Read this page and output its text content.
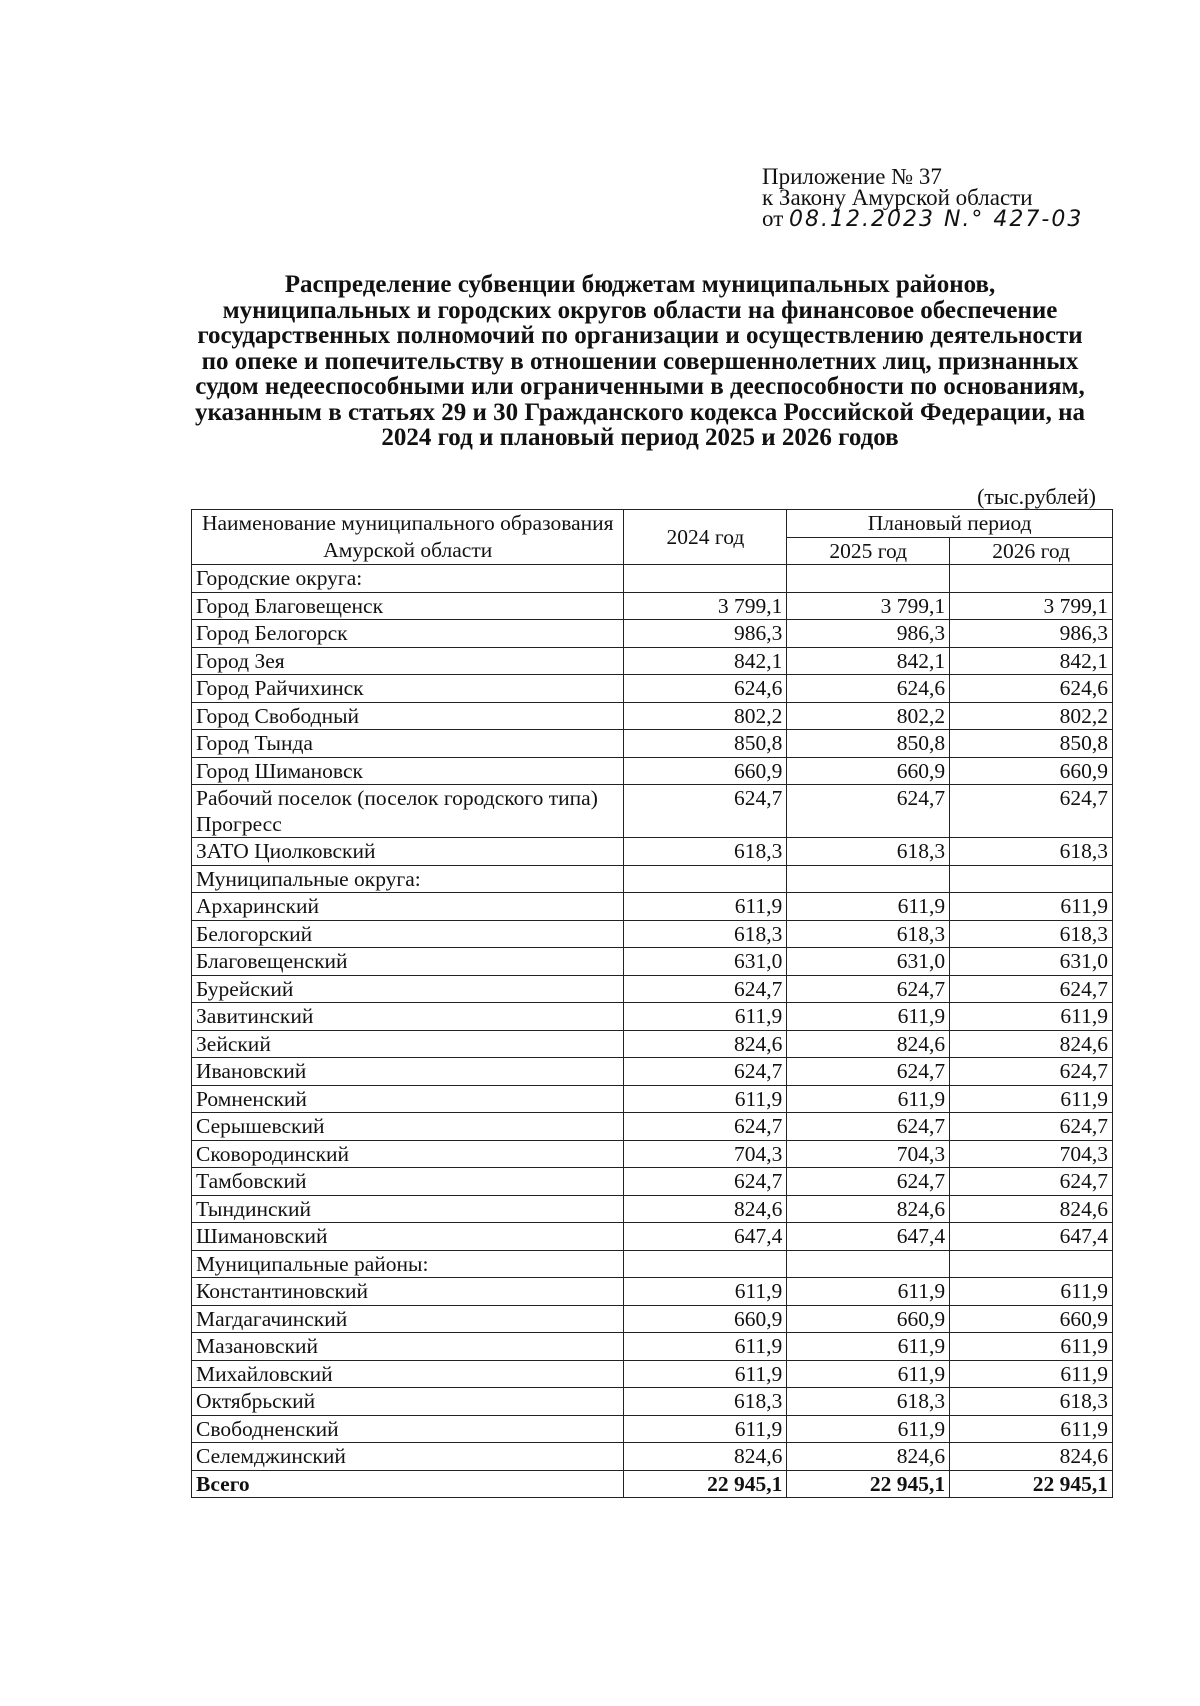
Приложение № 37
к Закону Амурской области
от 08.12.2023 N.° 427-03
Распределение субвенции бюджетам муниципальных районов, муниципальных и городских округов области на финансовое обеспечение государственных полномочий по организации и осуществлению деятельности по опеке и попечительству в отношении совершеннолетних лиц, признанных судом недееспособными или ограниченными в дееспособности по основаниям, указанным в статьях 29 и 30 Гражданского кодекса Российской Федерации, на 2024 год и плановый период 2025 и 2026 годов
(тыс.рублей)
Наименование муниципального образования Амурской области	2024 год	Плановый период	
		2025 год	2026 год
Городские округа:			
Город Благовещенск	3 799,1	3 799,1	3 799,1
Город Белогорск	986,3	986,3	986,3
Город Зея	842,1	842,1	842,1
Город Райчихинск	624,6	624,6	624,6
Город Свободный	802,2	802,2	802,2
Город Тында	850,8	850,8	850,8
Город Шимановск	660,9	660,9	660,9
Рабочий поселок (поселок городского типа) Прогресс	624,7	624,7	624,7
ЗАТО Циолковский	618,3	618,3	618,3
Муниципальные округа:			
Архаринский	611,9	611,9	611,9
Белогорский	618,3	618,3	618,3
Благовещенский	631,0	631,0	631,0
Бурейский	624,7	624,7	624,7
Завитинский	611,9	611,9	611,9
Зейский	824,6	824,6	824,6
Ивановский	624,7	624,7	624,7
Ромненский	611,9	611,9	611,9
Серышевский	624,7	624,7	624,7
Сковородинский	704,3	704,3	704,3
Тамбовский	624,7	624,7	624,7
Тындинский	824,6	824,6	824,6
Шимановский	647,4	647,4	647,4
Муниципальные районы:			
Константиновский	611,9	611,9	611,9
Магдагачинский	660,9	660,9	660,9
Мазановский	611,9	611,9	611,9
Михайловский	611,9	611,9	611,9
Октябрьский	618,3	618,3	618,3
Свободненский	611,9	611,9	611,9
Селемджинский	824,6	824,6	824,6
Всего	22 945,1	22 945,1	22 945,1
